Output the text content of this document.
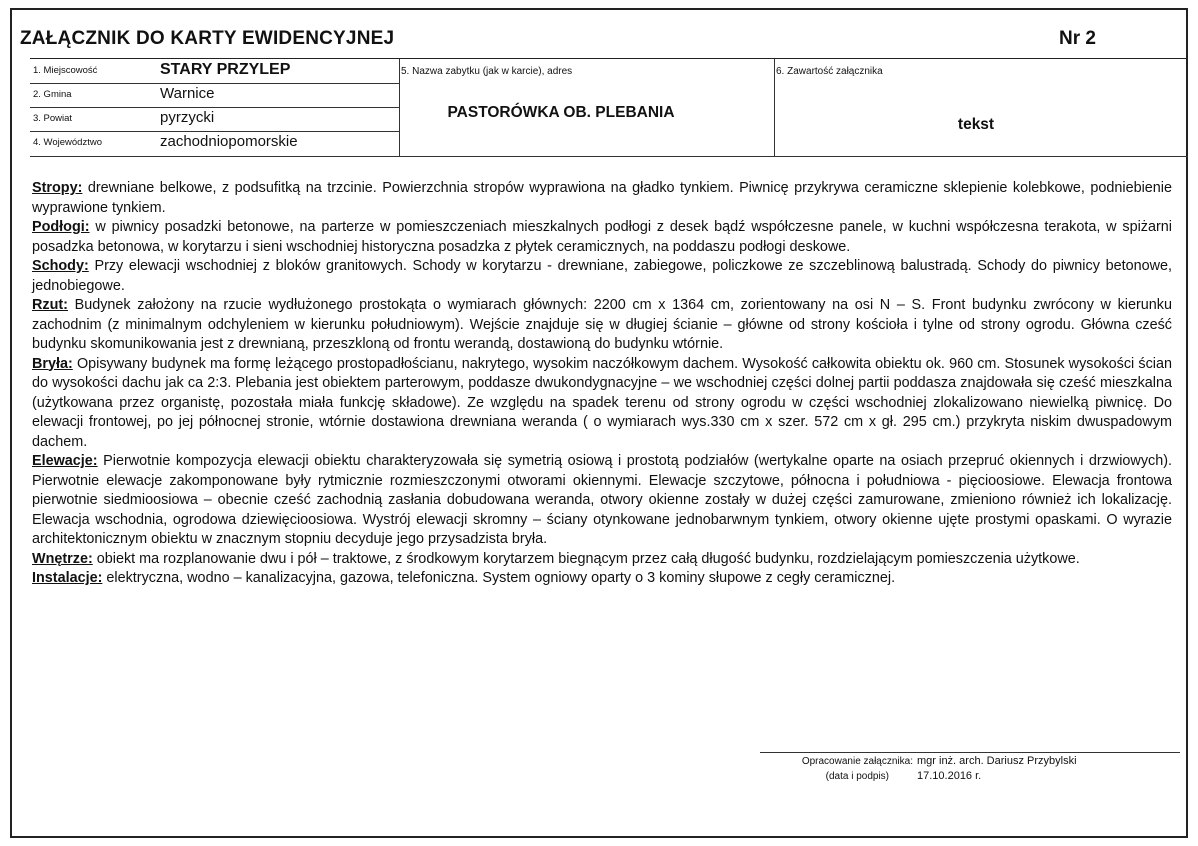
ZAŁĄCZNIK DO KARTY EWIDENCYJNEJ	Nr 2
1. Miejscowość	STARY PRZYLEP
2. Gmina	Warnice
3. Powiat	pyrzycki
4. Województwo	zachodniopomorskie
5. Nazwa zabytku (jak w karcie), adres
PASTORÓWKA OB. PLEBANIA
6. Zawartość załącznika
tekst

Stropy: drewniane belkowe, z podsufitką na trzcinie. Powierzchnia stropów wyprawiona na gładko tynkiem. Piwnicę przykrywa ceramiczne sklepienie kolebkowe, podniebienie wyprawione tynkiem.

Podłogi: w piwnicy posadzki betonowe, na parterze w pomieszczeniach mieszkalnych podłogi z desek bądź współczesne panele, w kuchni współczesna terakota, w spiżarni posadzka betonowa, w korytarzu i sieni wschodniej historyczna posadzka z płytek ceramicznych, na poddaszu podłogi deskowe.

Schody: Przy elewacji wschodniej z bloków granitowych. Schody w korytarzu - drewniane, zabiegowe, policzkowe ze szczeblinową balustradą. Schody do piwnicy betonowe, jednobiegowe.

Rzut: Budynek założony na rzucie wydłużonego prostokąta o wymiarach głównych: 2200 cm x 1364 cm, zorientowany na osi N – S. Front budynku zwrócony w kierunku zachodnim (z minimalnym odchyleniem w kierunku południowym). Wejście znajduje się w długiej ścianie – główne od strony kościoła i tylne od strony ogrodu. Główna cześć budynku skomunikowania jest z drewnianą, przeszkloną od frontu werandą, dostawioną do budynku wtórnie.

Bryła: Opisywany budynek ma formę leżącego prostopadłościanu, nakrytego, wysokim naczółkowym dachem. Wysokość całkowita obiektu ok. 960 cm. Stosunek wysokości ścian do wysokości dachu jak ca 2:3. Plebania jest obiektem parterowym, poddasze dwukondygnacyjne – we wschodniej części dolnej partii poddasza znajdowała się cześć mieszkalna (użytkowana przez organistę, pozostała miała funkcję składowe). Ze względu na spadek terenu od strony ogrodu w części wschodniej zlokalizowano niewielką piwnicę. Do elewacji frontowej, po jej północnej stronie, wtórnie dostawiona drewniana weranda ( o wymiarach wys.330 cm x szer. 572 cm x gł. 295 cm.) przykryta niskim dwuspadowym dachem.

Elewacje: Pierwotnie kompozycja elewacji obiektu charakteryzowała się symetrią osiową i prostotą podziałów (wertykalne oparte na osiach przepruć okiennych i drzwiowych). Pierwotnie elewacje zakomponowane były rytmicznie rozmieszczonymi otworami okiennymi. Elewacje szczytowe, północna i południowa - pięcioosiowe. Elewacja frontowa pierwotnie siedmioosiowa – obecnie cześć zachodnią zasłania dobudowana weranda, otwory okienne zostały w dużej części zamurowane, zmieniono również ich lokalizację. Elewacja wschodnia, ogrodowa dziewięcioosiowa. Wystrój elewacji skromny – ściany otynkowane jednobarwnym tynkiem, otwory okienne ujęte prostymi opaskami. O wyrazie architektonicznym obiektu w znacznym stopniu decyduje jego przysadzista bryła.

Wnętrze: obiekt ma rozplanowanie dwu i pół – traktowe, z środkowym korytarzem biegnącym przez całą długość budynku, rozdzielającym pomieszczenia użytkowe.

Instalacje: elektryczna, wodno – kanalizacyjna, gazowa, telefoniczna. System ogniowy oparty o 3 kominy słupowe z cegły ceramicznej.

Opracowanie załącznika: mgr inż. arch. Dariusz Przybylski
(data i podpis)	17.10.2016 r.
